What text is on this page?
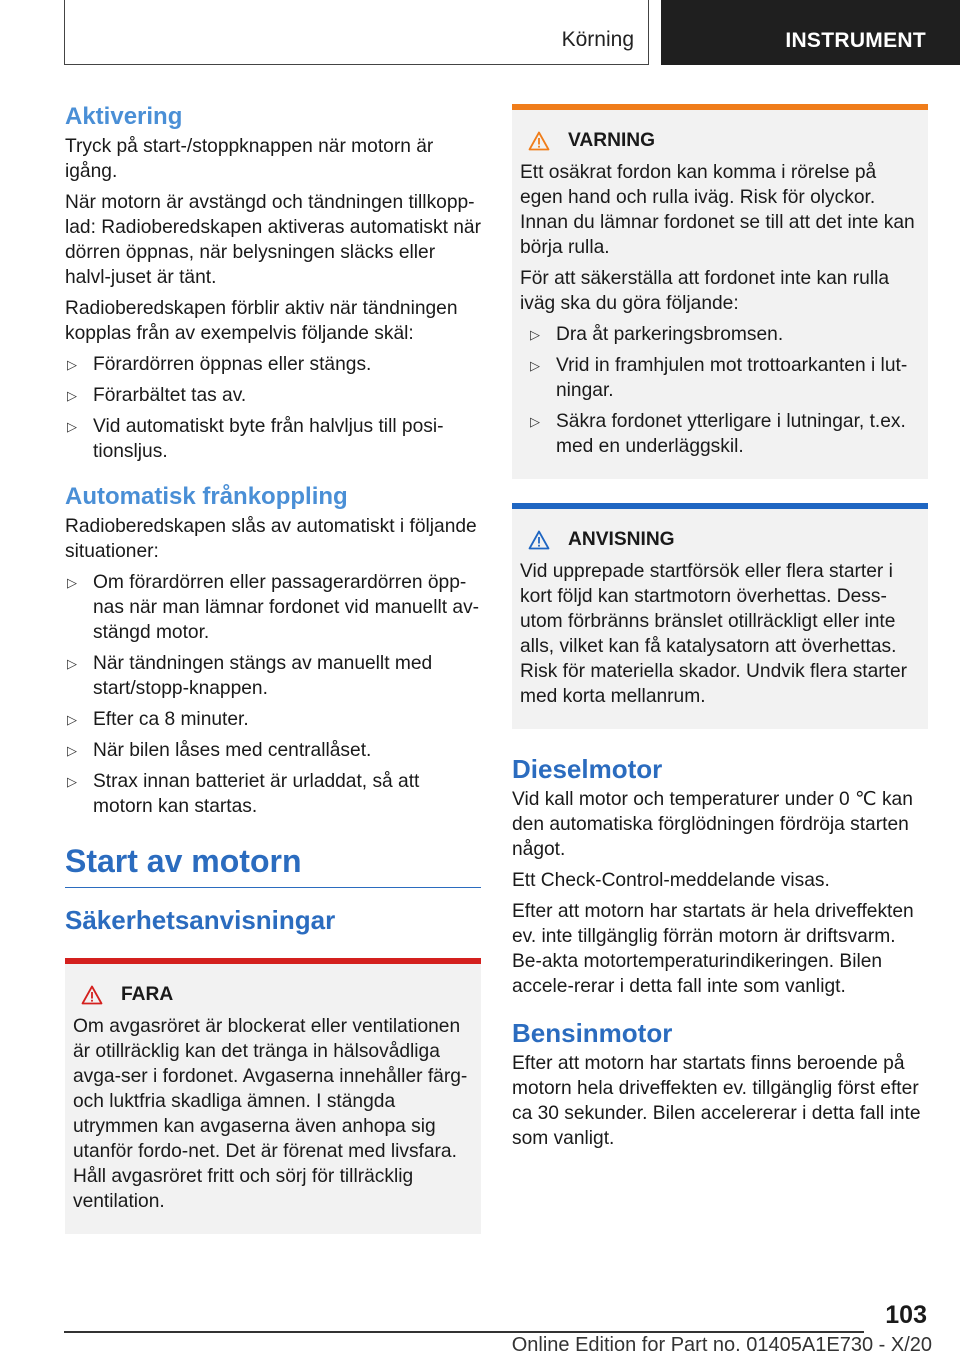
Körning	INSTRUMENT
Aktivering

Tryck på start-/stoppknappen när motorn är igång.

När motorn är avstängd och tändningen tillkopp-lad: Radioberedskapen aktiveras automatiskt när dörren öppnas, när belysningen släcks eller halvl-juset är tänt.

Radioberedskapen förblir aktiv när tändningen kopplas från av exempelvis följande skäl:

▷ Förardörren öppnas eller stängs.
▷ Förarbältet tas av.
▷ Vid automatiskt byte från halvljus till posi-tionsljus.
Automatisk frånkoppling

Radioberedskapen slås av automatiskt i följande situationer:

▷ Om förardörren eller passagerardörren öpp-nas när man lämnar fordonet vid manuellt av-stängd motor.
▷ När tändningen stängs av manuellt med start/stopp-knappen.
▷ Efter ca 8 minuter.
▷ När bilen låses med centrallåset.
▷ Strax innan batteriet är urladdat, så att motorn kan startas.
Start av motorn
Säkerhetsanvisningar
FARA

Om avgasröret är blockerat eller ventilationen är otillräcklig kan det tränga in hälsovådliga avga-ser i fordonet. Avgaserna innehåller färg- och luktfria skadliga ämnen. I stängda utrymmen kan avgaserna även anhopa sig utanför fordo-net. Det är förenat med livsfara. Håll avgasröret fritt och sörj för tillräcklig ventilation.

VARNING

Ett osäkrat fordon kan komma i rörelse på egen hand och rulla iväg. Risk för olyckor. Innan du lämnar fordonet se till att det inte kan börja rulla.

För att säkerställa att fordonet inte kan rulla iväg ska du göra följande:

▷ Dra åt parkeringsbromsen.
▷ Vrid in framhjulen mot trottoarkanten i lut-ningar.
▷ Säkra fordonet ytterligare i lutningar, t.ex. med en underläggskil.
ANVISNING

Vid upprepade startförsök eller flera starter i kort följd kan startmotorn överhettas. Dess-utom förbränns bränslet otillräckligt eller inte alls, vilket kan få katalysatorn att överhettas. Risk för materiella skador. Undvik flera starter med korta mellanrum.

Dieselmotor

Vid kall motor och temperaturer under 0 ℃ kan den automatiska förglödningen fördröja starten något.

Ett Check-Control-meddelande visas.

Efter att motorn har startats är hela driveffekten ev. inte tillgänglig förrän motorn är driftsvarm. Be-akta motortemperaturindikeringen. Bilen accele-rerar i detta fall inte som vanligt.

Bensinmotor

Efter att motorn har startats finns beroende på motorn hela driveffekten ev. tillgänglig först efter ca 30 sekunder. Bilen accelererar i detta fall inte som vanligt.

103
Online Edition for Part no. 01405A1E730 - X/20
